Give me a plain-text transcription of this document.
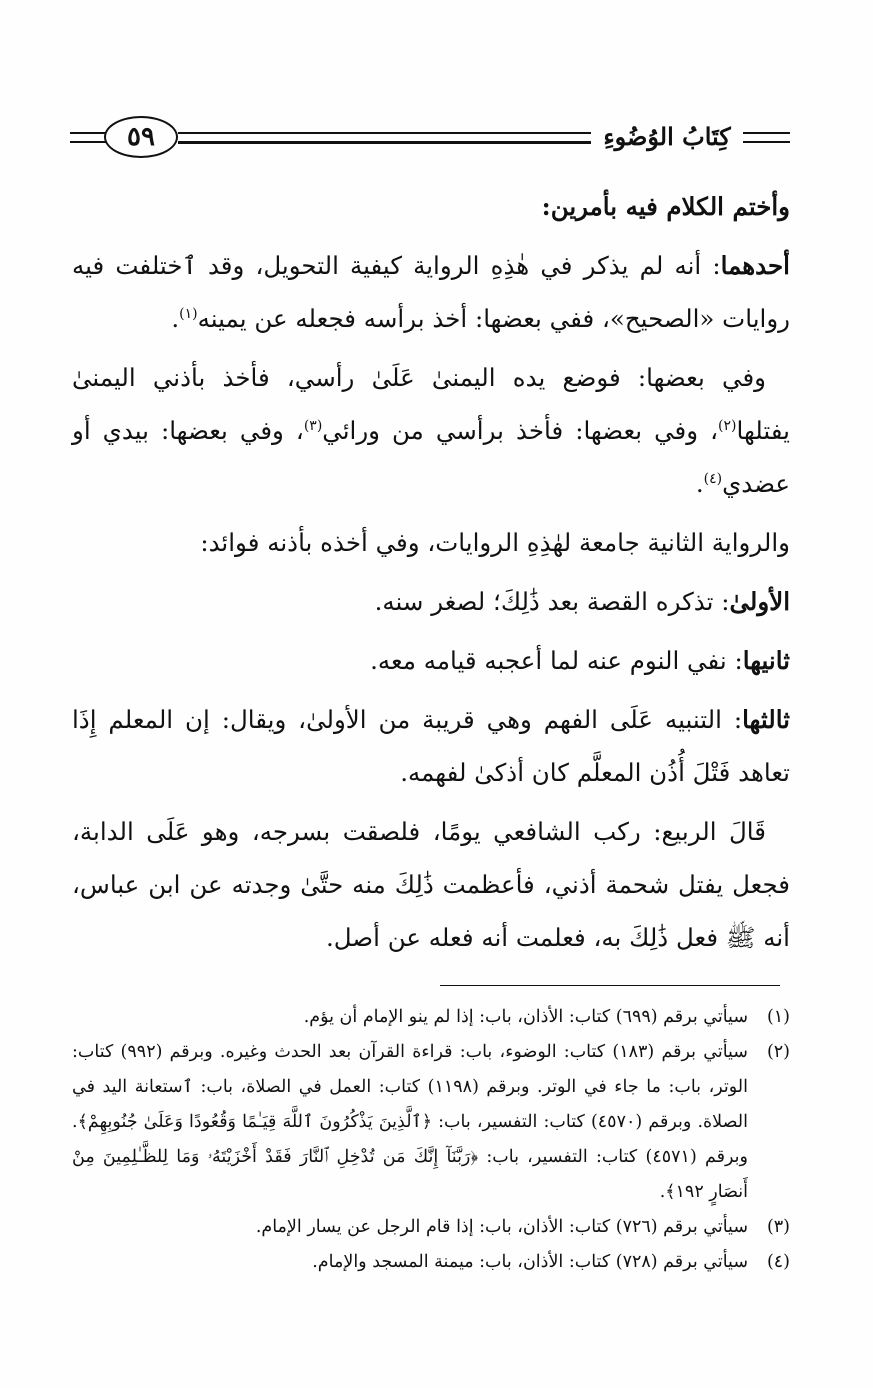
٥٩	كِتَابُ الوُضُوءِ

وأختم الكلام فيه بأمرين:

أحدهما: أنه لم يذكر في هٰذِهِ الرواية كيفية التحويل، وقد ٱختلفت فيه روايات «الصحيح»، ففي بعضها: أخذ برأسه فجعله عن يمينه$^{(١)}$.

وفي بعضها: فوضع يده اليمنىٰ عَلَىٰ رأسي، فأخذ بأذني اليمنىٰ يفتلها$^{(٢)}$، وفي بعضها: فأخذ برأسي من ورائي$^{(٣)}$، وفي بعضها: بيدي أو عضدي$^{(٤)}$.

والرواية الثانية جامعة لهٰذِهِ الروايات، وفي أخذه بأذنه فوائد:

الأولىٰ: تذكره القصة بعد ذَٰلِكَ؛ لصغر سنه.

ثانيها: نفي النوم عنه لما أعجبه قيامه معه.

ثالثها: التنبيه عَلَى الفهم وهي قريبة من الأولىٰ، ويقال: إن المعلم إِذَا تعاهد فَتْلَ أُذُن المعلَّم كان أذكىٰ لفهمه.

قَالَ الربيع: ركب الشافعي يومًا، فلصقت بسرجه، وهو عَلَى الدابة، فجعل يفتل شحمة أذني، فأعظمت ذَٰلِكَ منه حتَّىٰ وجدته عن ابن عباس، أنه ﷺ فعل ذَٰلِكَ به، فعلمت أنه فعله عن أصل.

(١)
سيأتي برقم (٦٩٩) كتاب: الأذان، باب: إذا لم ينو الإمام أن يؤم.
(٢)
سيأتي برقم (١٨٣) كتاب: الوضوء، باب: قراءة القرآن بعد الحدث وغيره. وبرقم (٩٩٢) كتاب: الوتر، باب: ما جاء في الوتر. وبرقم (١١٩٨) كتاب: العمل في الصلاة، باب: ٱستعانة اليد في الصلاة. وبرقم (٤٥٧٠) كتاب: التفسير، باب: ﴿ٱلَّذِينَ يَذْكُرُونَ ٱللَّهَ قِيَـٰمًا وَقُعُودًا وَعَلَىٰ جُنُوبِهِمْ﴾. وبرقم (٤٥٧١) كتاب: التفسير، باب: ﴿رَبَّنَآ إِنَّكَ مَن تُدْخِلِ ٱلنَّارَ فَقَدْ أَخْزَيْتَهُۥ وَمَا لِلظَّـٰلِمِينَ مِنْ أَنصَارٍ ١٩٢﴾.
(٣)
سيأتي برقم (٧٢٦) كتاب: الأذان، باب: إذا قام الرجل عن يسار الإمام.
(٤)
سيأتي برقم (٧٢٨) كتاب: الأذان، باب: ميمنة المسجد والإمام.
